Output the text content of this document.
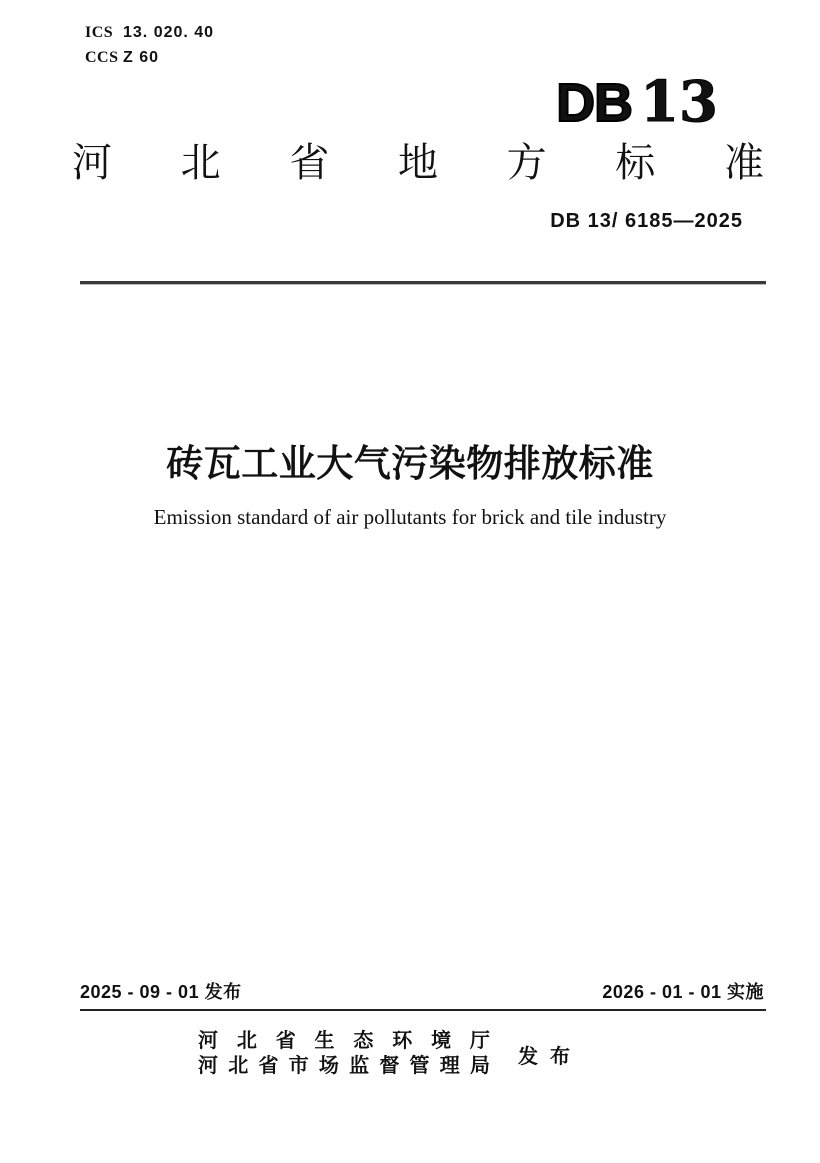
ICS 13. 020. 40
CCS Z 60
DB 13
河 北 省 地 方 标 准
DB 13/ 6185—2025
砖瓦工业大气污染物排放标准
Emission standard of air pollutants for brick and tile industry
2025 - 09 - 01 发布	2026 - 01 - 01 实施
河 北 省 生 态 环 境 厅
河 北 省 市 场 监 督 管 理 局 发 布
